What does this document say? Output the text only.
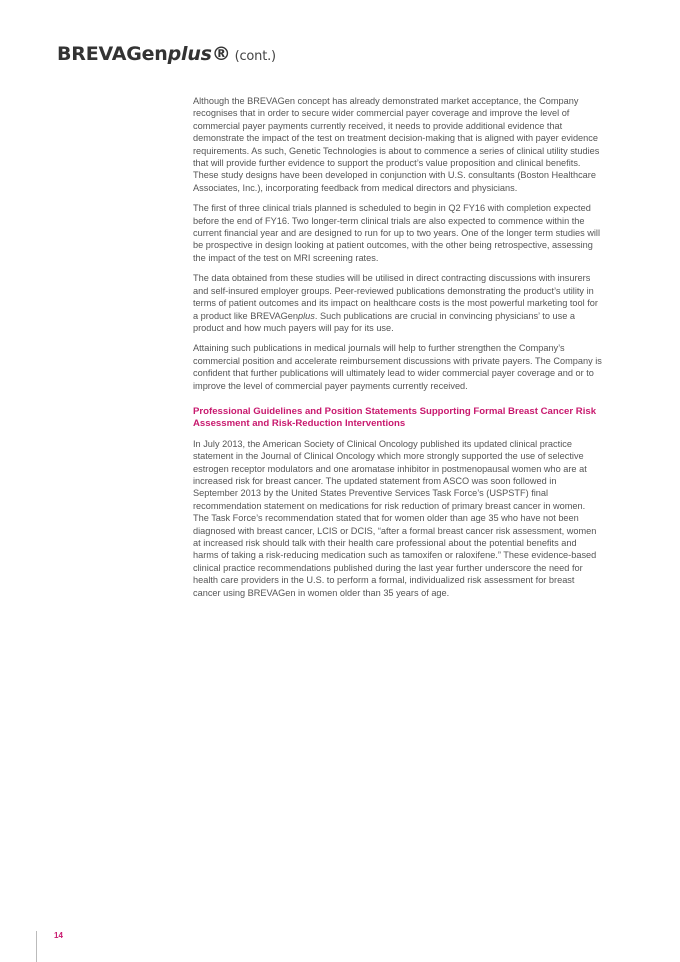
BREVAGenplus® (cont.)

Although the BREVAGen concept has already demonstrated market acceptance, the Company recognises that in order to secure wider commercial payer coverage and improve the level of commercial payer payments currently received, it needs to provide additional evidence that demonstrate the impact of the test on treatment decision-making that is aligned with payer evidence requirements. As such, Genetic Technologies is about to commence a series of clinical utility studies that will provide further evidence to support the product’s value proposition and clinical benefits. These study designs have been developed in conjunction with U.S. consultants (Boston Healthcare Associates, Inc.), incorporating feedback from medical directors and physicians.

The first of three clinical trials planned is scheduled to begin in Q2 FY16 with completion expected before the end of FY16. Two longer-term clinical trials are also expected to commence within the current financial year and are designed to run for up to two years. One of the longer term studies will be prospective in design looking at patient outcomes, with the other being retrospective, assessing the impact of the test on MRI screening rates.

The data obtained from these studies will be utilised in direct contracting discussions with insurers and self-insured employer groups. Peer-reviewed publications demonstrating the product’s utility in terms of patient outcomes and its impact on healthcare costs is the most powerful marketing tool for a product like BREVAGenplus. Such publications are crucial in convincing physicians’ to use a product and how much payers will pay for its use.

Attaining such publications in medical journals will help to further strengthen the Company’s commercial position and accelerate reimbursement discussions with private payers. The Company is confident that further publications will ultimately lead to wider commercial payer coverage and or to improve the level of commercial payer payments currently received.

Professional Guidelines and Position Statements Supporting Formal Breast Cancer Risk Assessment and Risk-Reduction Interventions

In July 2013, the American Society of Clinical Oncology published its updated clinical practice statement in the Journal of Clinical Oncology which more strongly supported the use of selective estrogen receptor modulators and one aromatase inhibitor in postmenopausal women who are at increased risk for breast cancer. The updated statement from ASCO was soon followed in September 2013 by the United States Preventive Services Task Force’s (USPSTF) final recommendation statement on medications for risk reduction of primary breast cancer in women. The Task Force’s recommendation stated that for women older than age 35 who have not been diagnosed with breast cancer, LCIS or DCIS, “after a formal breast cancer risk assessment, women at increased risk should talk with their health care professional about the potential benefits and harms of taking a risk-reducing medication such as tamoxifen or raloxifene.” These evidence-based clinical practice recommendations published during the last year further underscore the need for health care providers in the U.S. to perform a formal, individualized risk assessment for breast cancer using BREVAGen in women older than 35 years of age.

14
